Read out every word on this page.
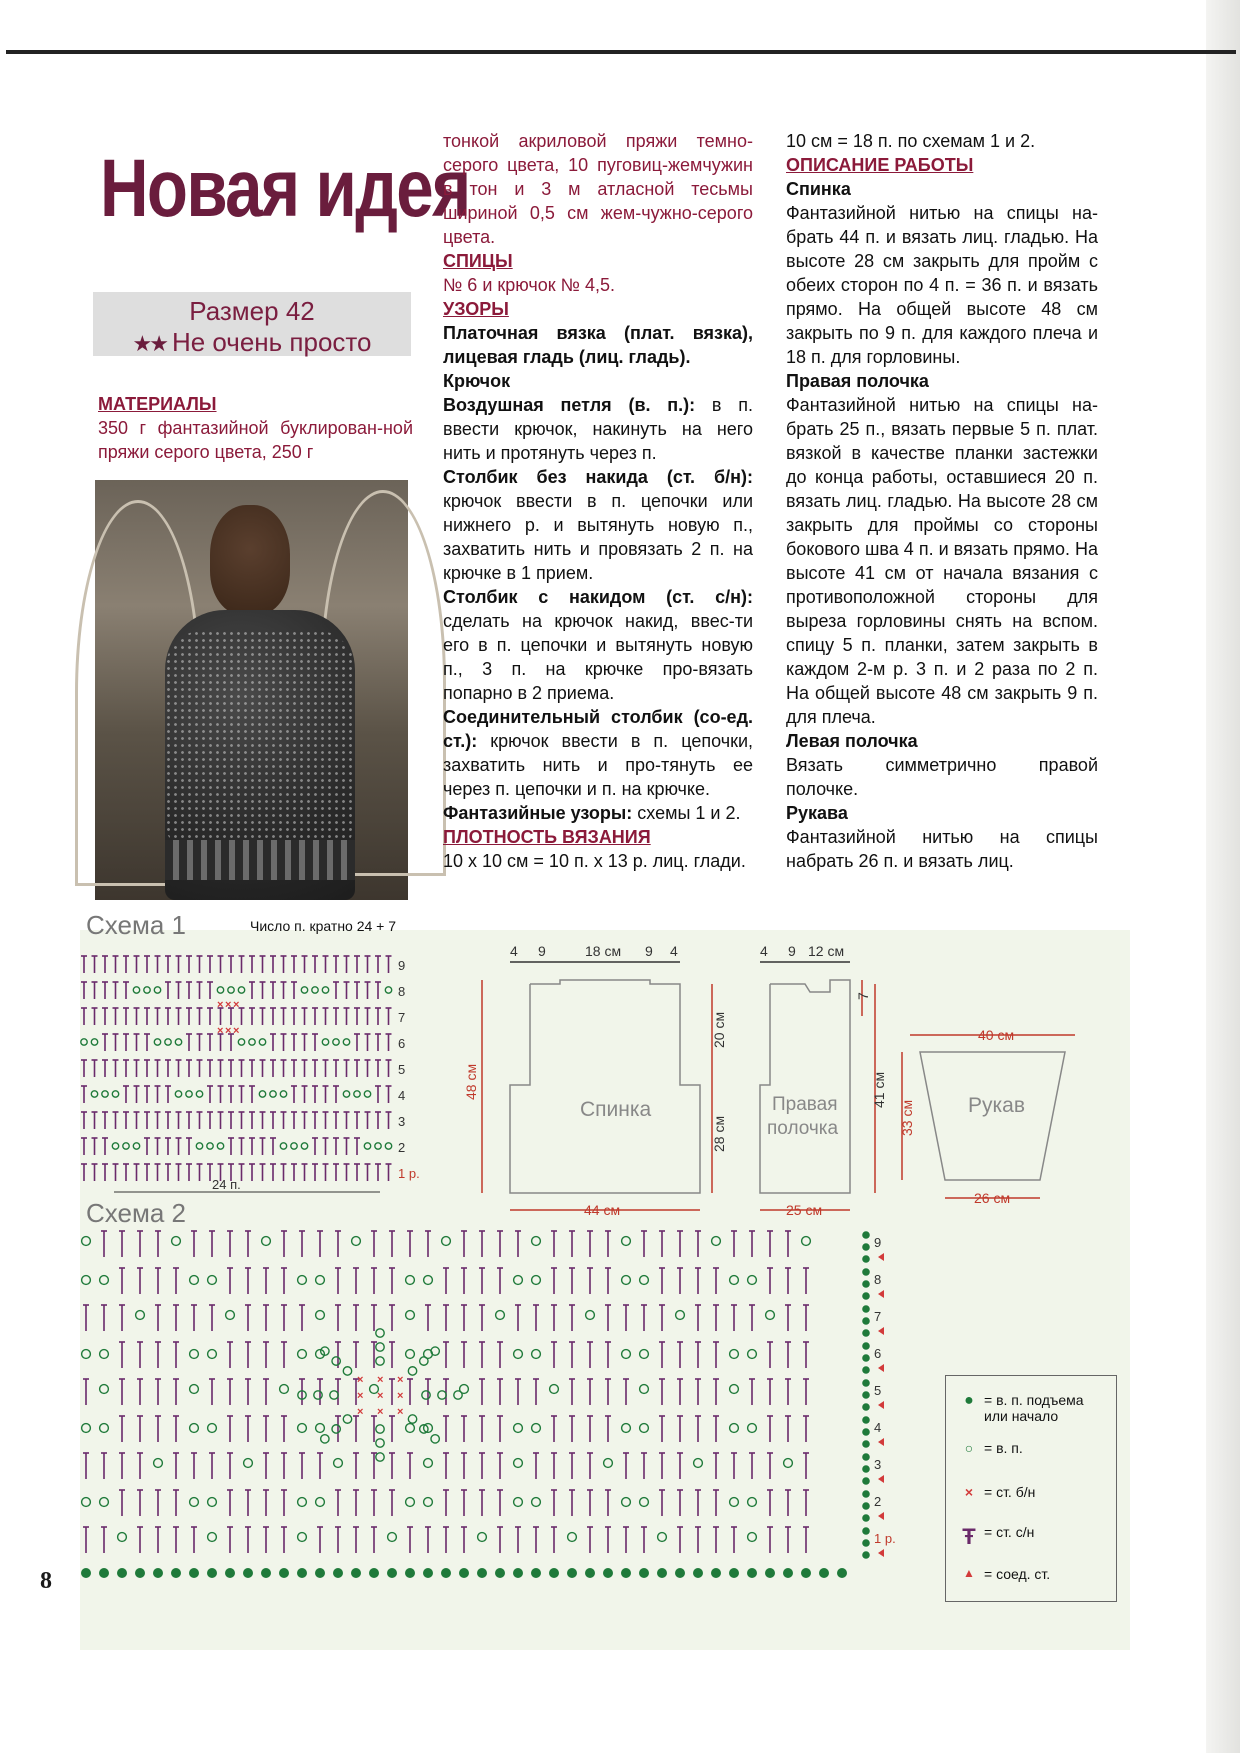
Новая идея
Размер 42
★★ Не очень просто

МАТЕРИАЛЫ

350 г фантазийной буклирован-ной пряжи серого цвета, 250 г

тонкой акриловой пряжи темно-серого цвета, 10 пуговиц-жемчужин в тон и 3 м атласной тесьмы шириной 0,5 см жем-чужно-серого цвета.

СПИЦЫ

№ 6 и крючок № 4,5.

УЗОРЫ

Платочная вязка (плат. вязка), лицевая гладь (лиц. гладь).

Крючок

Воздушная петля (в. п.): в п. ввести крючок, накинуть на него нить и протянуть через п.

Столбик без накида (ст. б/н): крючок ввести в п. цепочки или нижнего р. и вытянуть новую п., захватить нить и провязать 2 п. на крючке в 1 прием.

Столбик с накидом (ст. с/н): сделать на крючок накид, ввес-ти его в п. цепочки и вытянуть новую п., 3 п. на крючке про-вязать попарно в 2 приема.

Соединительный столбик (со-ед. ст.): крючок ввести в п. цепочки, захватить нить и про-тянуть ее через п. цепочки и п. на крючке.

Фантазийные узоры: схемы 1 и 2.

ПЛОТНОСТЬ ВЯЗАНИЯ

10 х 10 см = 10 п. х 13 р. лиц. глади.

10 см = 18 п. по схемам 1 и 2.

ОПИСАНИЕ РАБОТЫ

Спинка

Фантазийной нитью на спицы на-брать 44 п. и вязать лиц. гладью. На высоте 28 см закрыть для пройм с обеих сторон по 4 п. = 36 п. и вязать прямо. На общей высоте 48 см закрыть по 9 п. для каждого плеча и 18 п. для горловины.

Правая полочка

Фантазийной нитью на спицы на-брать 25 п., вязать первые 5 п. плат. вязкой в качестве планки застежки до конца работы, оставшиеся 20 п. вязать лиц. гладью. На высоте 28 см закрыть для проймы со стороны бокового шва 4 п. и вязать прямо. На высоте 41 см от начала вязания с противоположной стороны для выреза горловины снять на вспом. спицу 5 п. планки, затем закрыть в каждом 2-м р. 3 п. и 2 раза по 2 п. На общей высоте 48 см закрыть 9 п. для плеча.

Левая полочка

Вязать симметрично правой полочке.

Рукава

Фантазийной нитью на спицы набрать 26 п. и вязать лиц.

Схема 1	Число п. кратно 24 + 7
Схема 2
9
8
7
6
5
4
3
2
1 р.
× × ×
× × ×
24 п.
4 9	18 см 9 4	4 9 12 см
Спинка	Правая
полочка
Рукав
48 см
20 см
28 см
44 см
41 см
7
25 см
40 см
33 см
26 см
9
8
7
6
5
4
3
2
1 р.
×
×
×
×
×
×
×
×
×
● = в. п. подъема
или начало
○ = в. п.
× = ст. б/н
Ŧ = ст. с/н
▲ = соед. ст.
8
